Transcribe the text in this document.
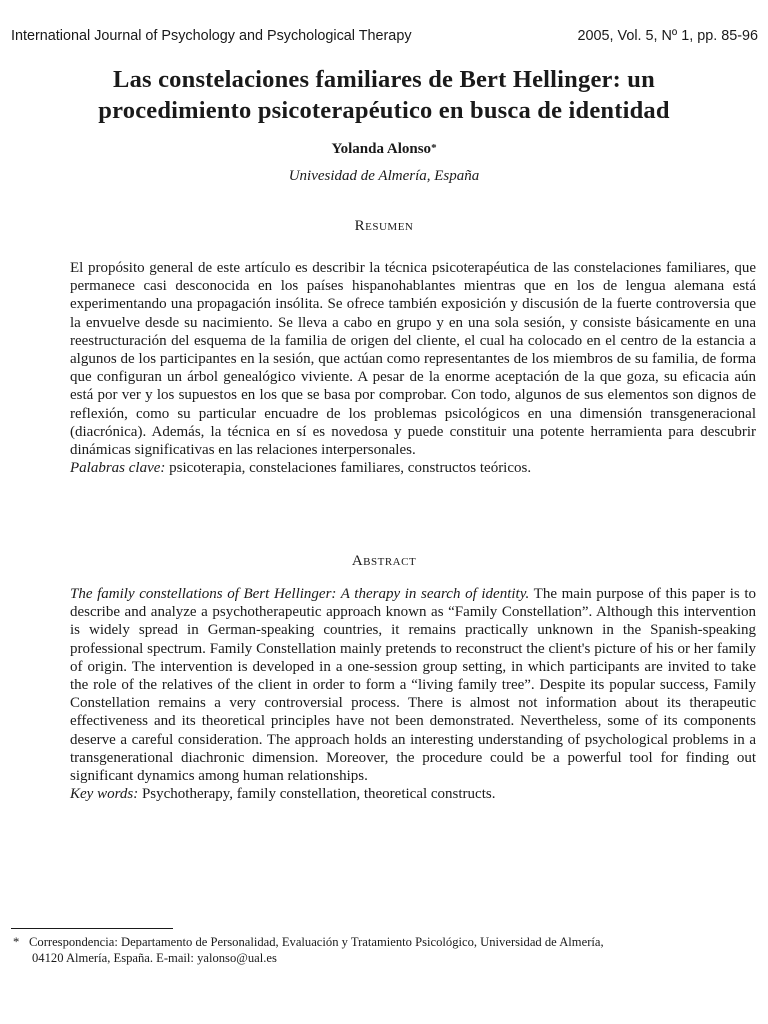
International Journal of Psychology and Psychological Therapy	2005, Vol. 5, Nº 1, pp. 85-96
Las constelaciones familiares de Bert Hellinger: un
procedimiento psicoterapéutico en busca de identidad
Yolanda Alonso*
Univesidad de Almería, España
Resumen

El propósito general de este artículo es describir la técnica psicoterapéutica de las constelaciones familiares, que permanece casi desconocida en los países hispanohablantes mientras que en los de lengua alemana está experimentando una propagación insólita. Se ofrece también exposición y discusión de la fuerte controversia que la envuelve desde su nacimiento. Se lleva a cabo en grupo y en una sola sesión, y consiste básicamente en una reestructuración del esquema de la familia de origen del cliente, el cual ha colocado en el centro de la estancia a algunos de los participantes en la sesión, que actúan como representantes de los miembros de su familia, de forma que configuran un árbol genealógico viviente. A pesar de la enorme aceptación de la que goza, su eficacia aún está por ver y los supuestos en los que se basa por comprobar. Con todo, algunos de sus elementos son dignos de reflexión, como su particular encuadre de los problemas psicológicos en una dimensión transgeneracional (diacrónica). Además, la técnica en sí es novedosa y puede constituir una potente herramienta para descubrir dinámicas significativas en las relaciones interpersonales.

Palabras clave: psicoterapia, constelaciones familiares, constructos teóricos.

Abstract

The family constellations of Bert Hellinger: A therapy in search of identity. The main purpose of this paper is to describe and analyze a psychotherapeutic approach known as “Family Constellation”. Although this intervention is widely spread in German-speaking countries, it remains practically unknown in the Spanish-speaking professional spectrum. Family Constellation mainly pretends to reconstruct the client's picture of his or her family of origin. The intervention is developed in a one-session group setting, in which participants are invited to take the role of the relatives of the client in order to form a “living family tree”. Despite its popular success, Family Constellation remains a very controversial process. There is almost not information about its therapeutic effectiveness and its theoretical principles have not been demonstrated. Nevertheless, some of its components deserve a careful consideration. The approach holds an interesting understanding of psychological problems in a transgenerational diachronic dimension. Moreover, the procedure could be a powerful tool for finding out significant dynamics among human relationships.

Key words: Psychotherapy, family constellation, theoretical constructs.

* Correspondencia: Departamento de Personalidad, Evaluación y Tratamiento Psicológico, Universidad de Almería,
04120 Almería, España. E-mail: yalonso@ual.es
